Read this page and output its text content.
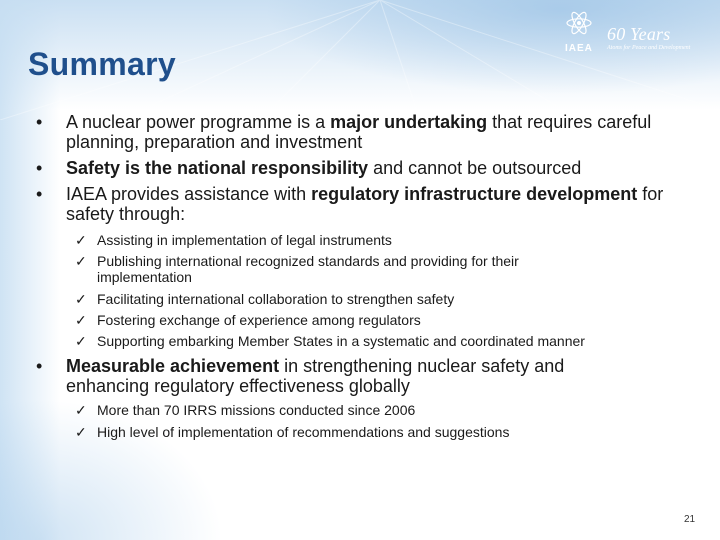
60 Years
IAEA Atoms for Peace and Development
Summary
•	A nuclear power programme is a major undertaking that requires careful planning, preparation and investment
•	Safety is the national responsibility and cannot be outsourced
•	IAEA provides assistance with regulatory infrastructure development for safety through:
✓ Assisting in implementation of legal instruments
✓ Publishing international recognized standards and providing for their implementation
✓ Facilitating international collaboration to strengthen safety
✓ Fostering exchange of experience among regulators
✓ Supporting embarking Member States in a systematic and coordinated manner
•	Measurable achievement in strengthening nuclear safety and enhancing regulatory effectiveness globally
✓ More than 70 IRRS missions conducted since 2006
✓ High level of implementation of recommendations and suggestions
21
